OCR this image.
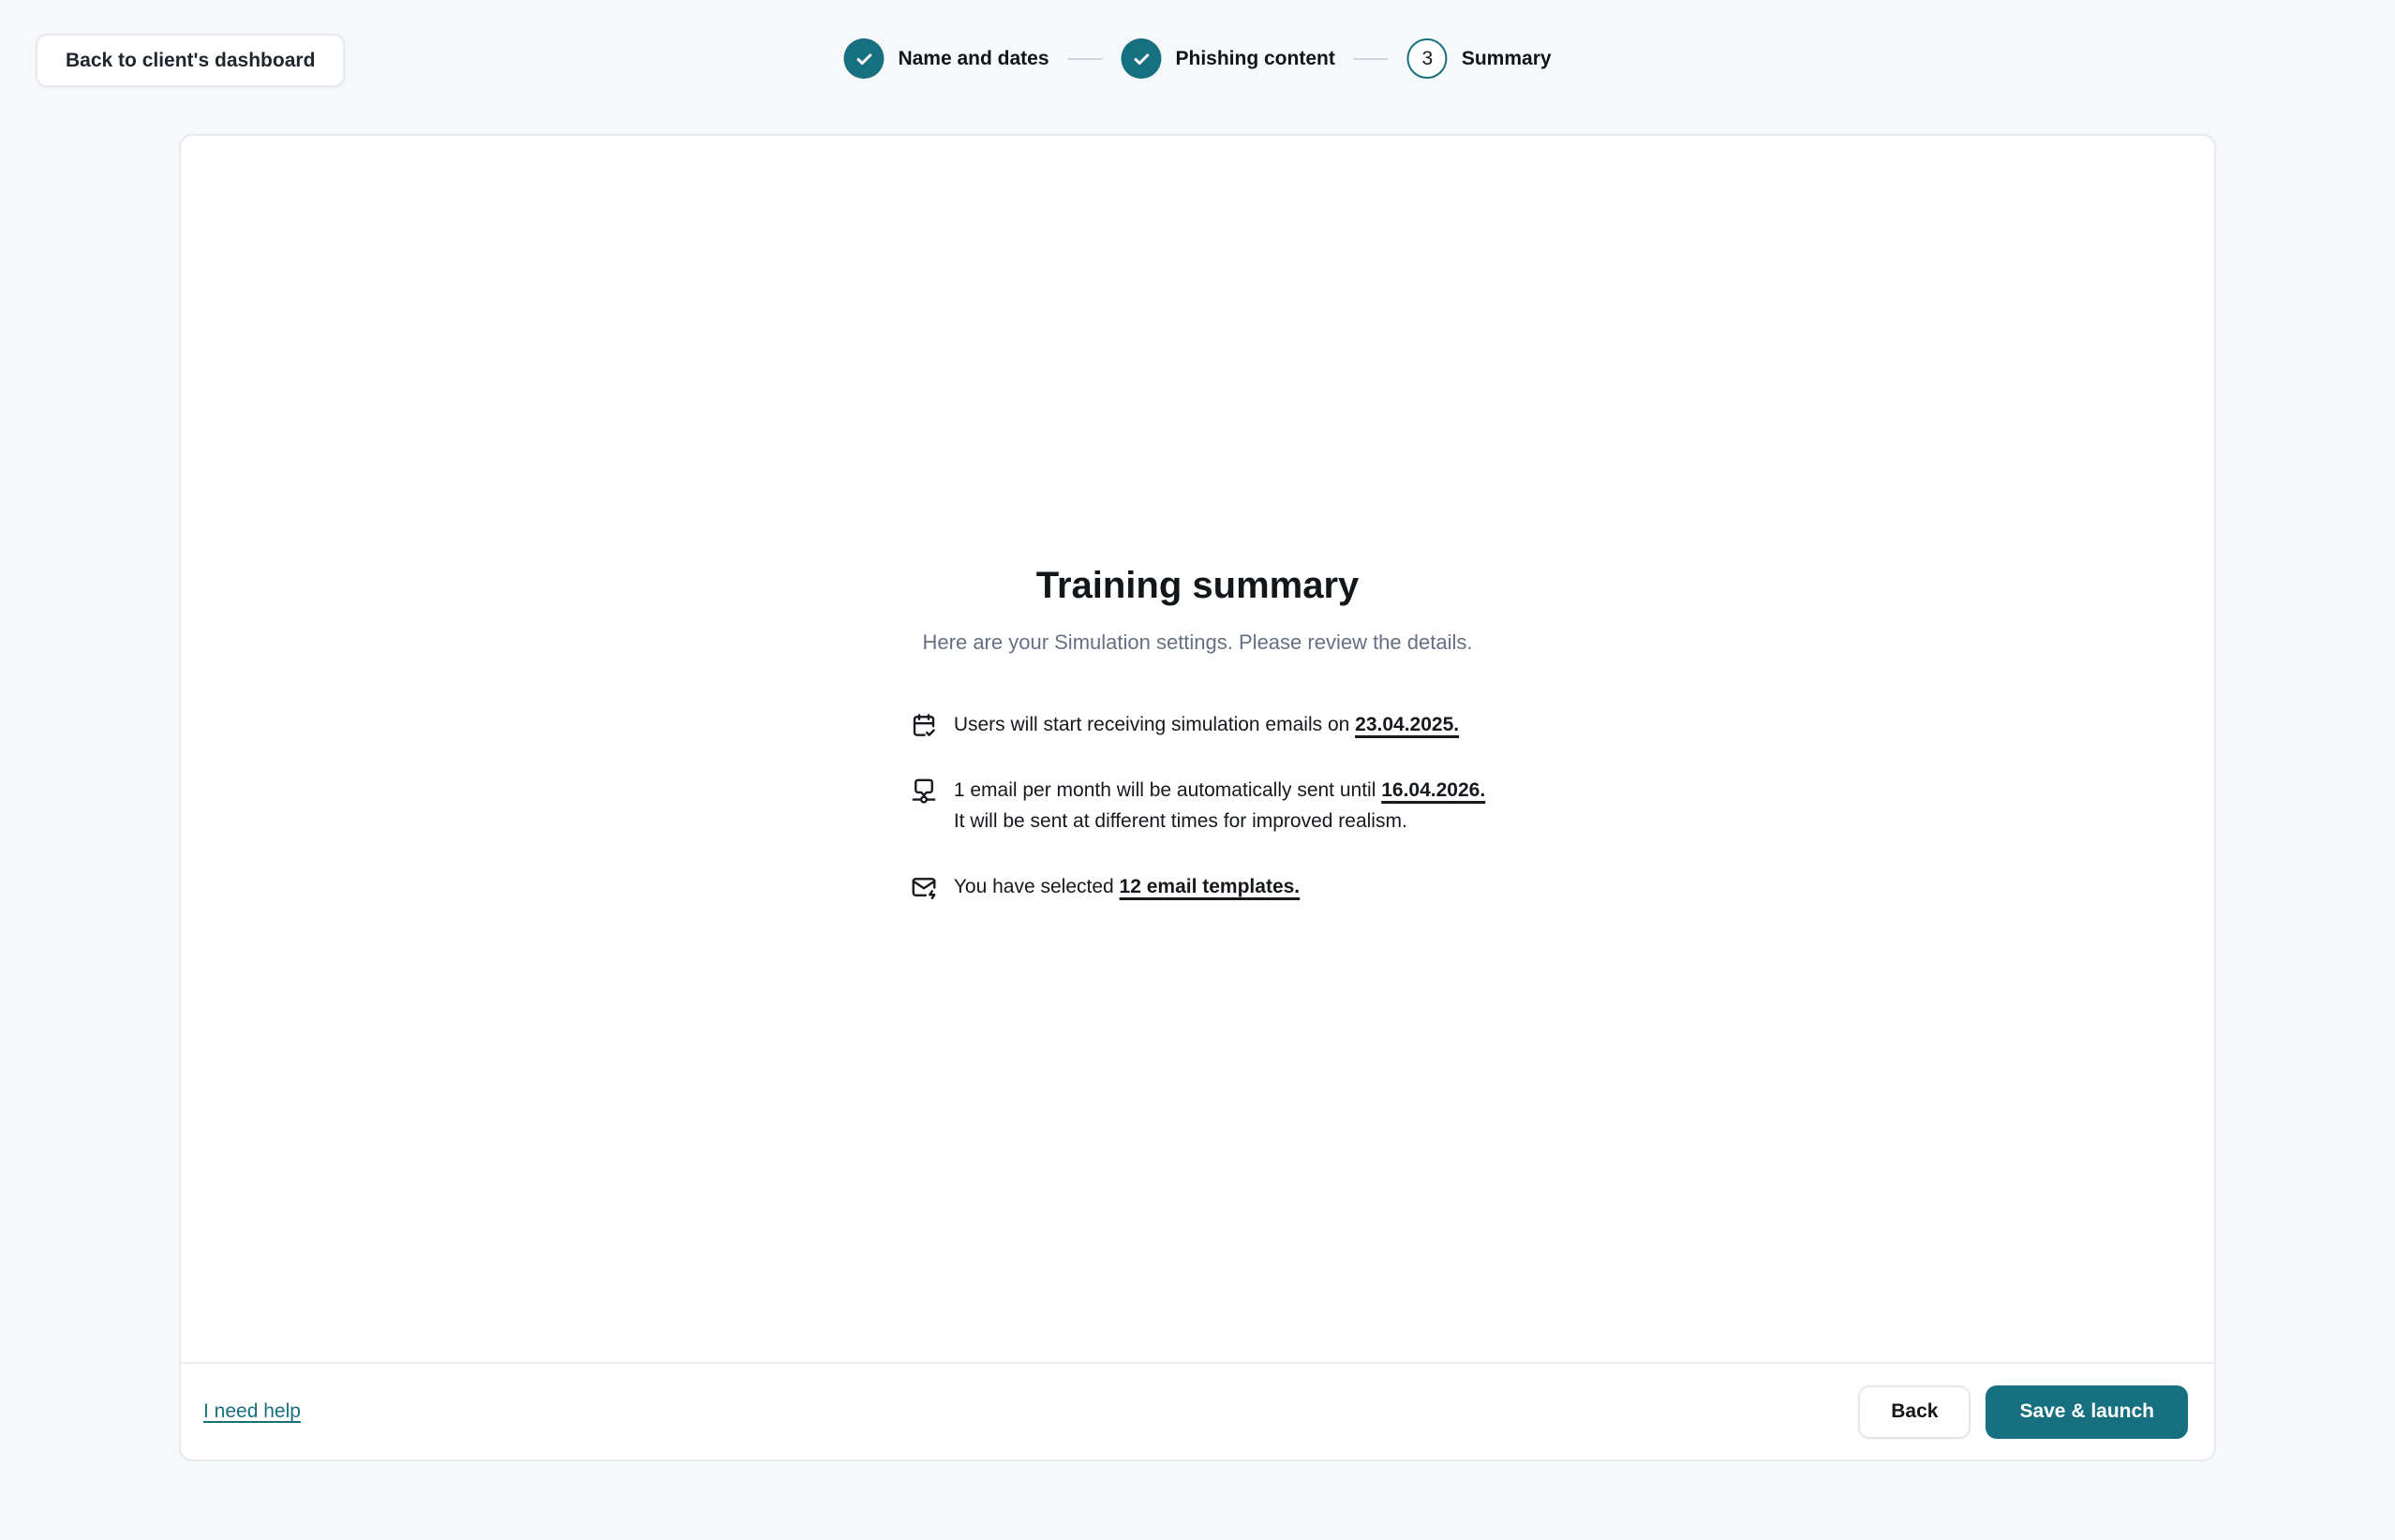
Back to client's dashboard	Name and dates	Phishing content	3	Summary
Training summary

Here are your Simulation settings. Please review the details.

Users will start receiving simulation emails on 23.04.2025.
1 email per month will be automatically sent until 16.04.2026.
It will be sent at different times for improved realism.
You have selected 12 email templates.
I need help	Back	Save & launch
